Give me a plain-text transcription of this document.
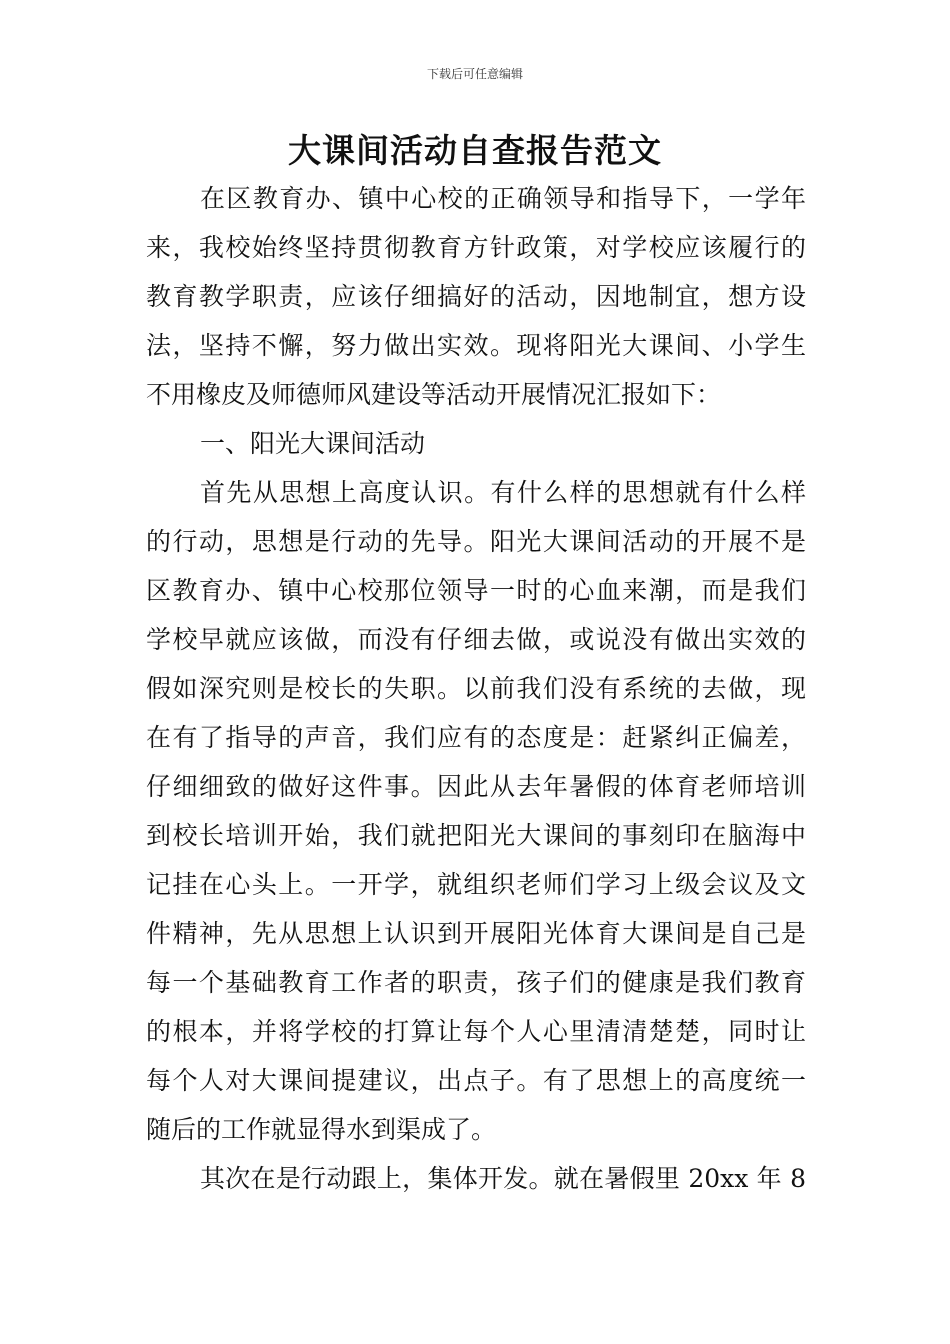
下载后可任意编辑
大课间活动自查报告范文
在区教育办、镇中心校的正确领导和指导下，一学年
来，我校始终坚持贯彻教育方针政策，对学校应该履行的
教育教学职责，应该仔细搞好的活动，因地制宜，想方设
法，坚持不懈，努力做出实效。现将阳光大课间、小学生
不用橡皮及师德师风建设等活动开展情况汇报如下：
一、阳光大课间活动
首先从思想上高度认识。有什么样的思想就有什么样
的行动，思想是行动的先导。阳光大课间活动的开展不是
区教育办、镇中心校那位领导一时的心血来潮，而是我们
学校早就应该做，而没有仔细去做，或说没有做出实效的
假如深究则是校长的失职。以前我们没有系统的去做，现
在有了指导的声音，我们应有的态度是：赶紧纠正偏差，
仔细细致的做好这件事。因此从去年暑假的体育老师培训
到校长培训开始，我们就把阳光大课间的事刻印在脑海中
记挂在心头上。一开学，就组织老师们学习上级会议及文
件精神，先从思想上认识到开展阳光体育大课间是自己是
每一个基础教育工作者的职责，孩子们的健康是我们教育
的根本，并将学校的打算让每个人心里清清楚楚，同时让
每个人对大课间提建议，出点子。有了思想上的高度统一
随后的工作就显得水到渠成了。
其次在是行动跟上，集体开发。就在暑假里 20xx 年 8
